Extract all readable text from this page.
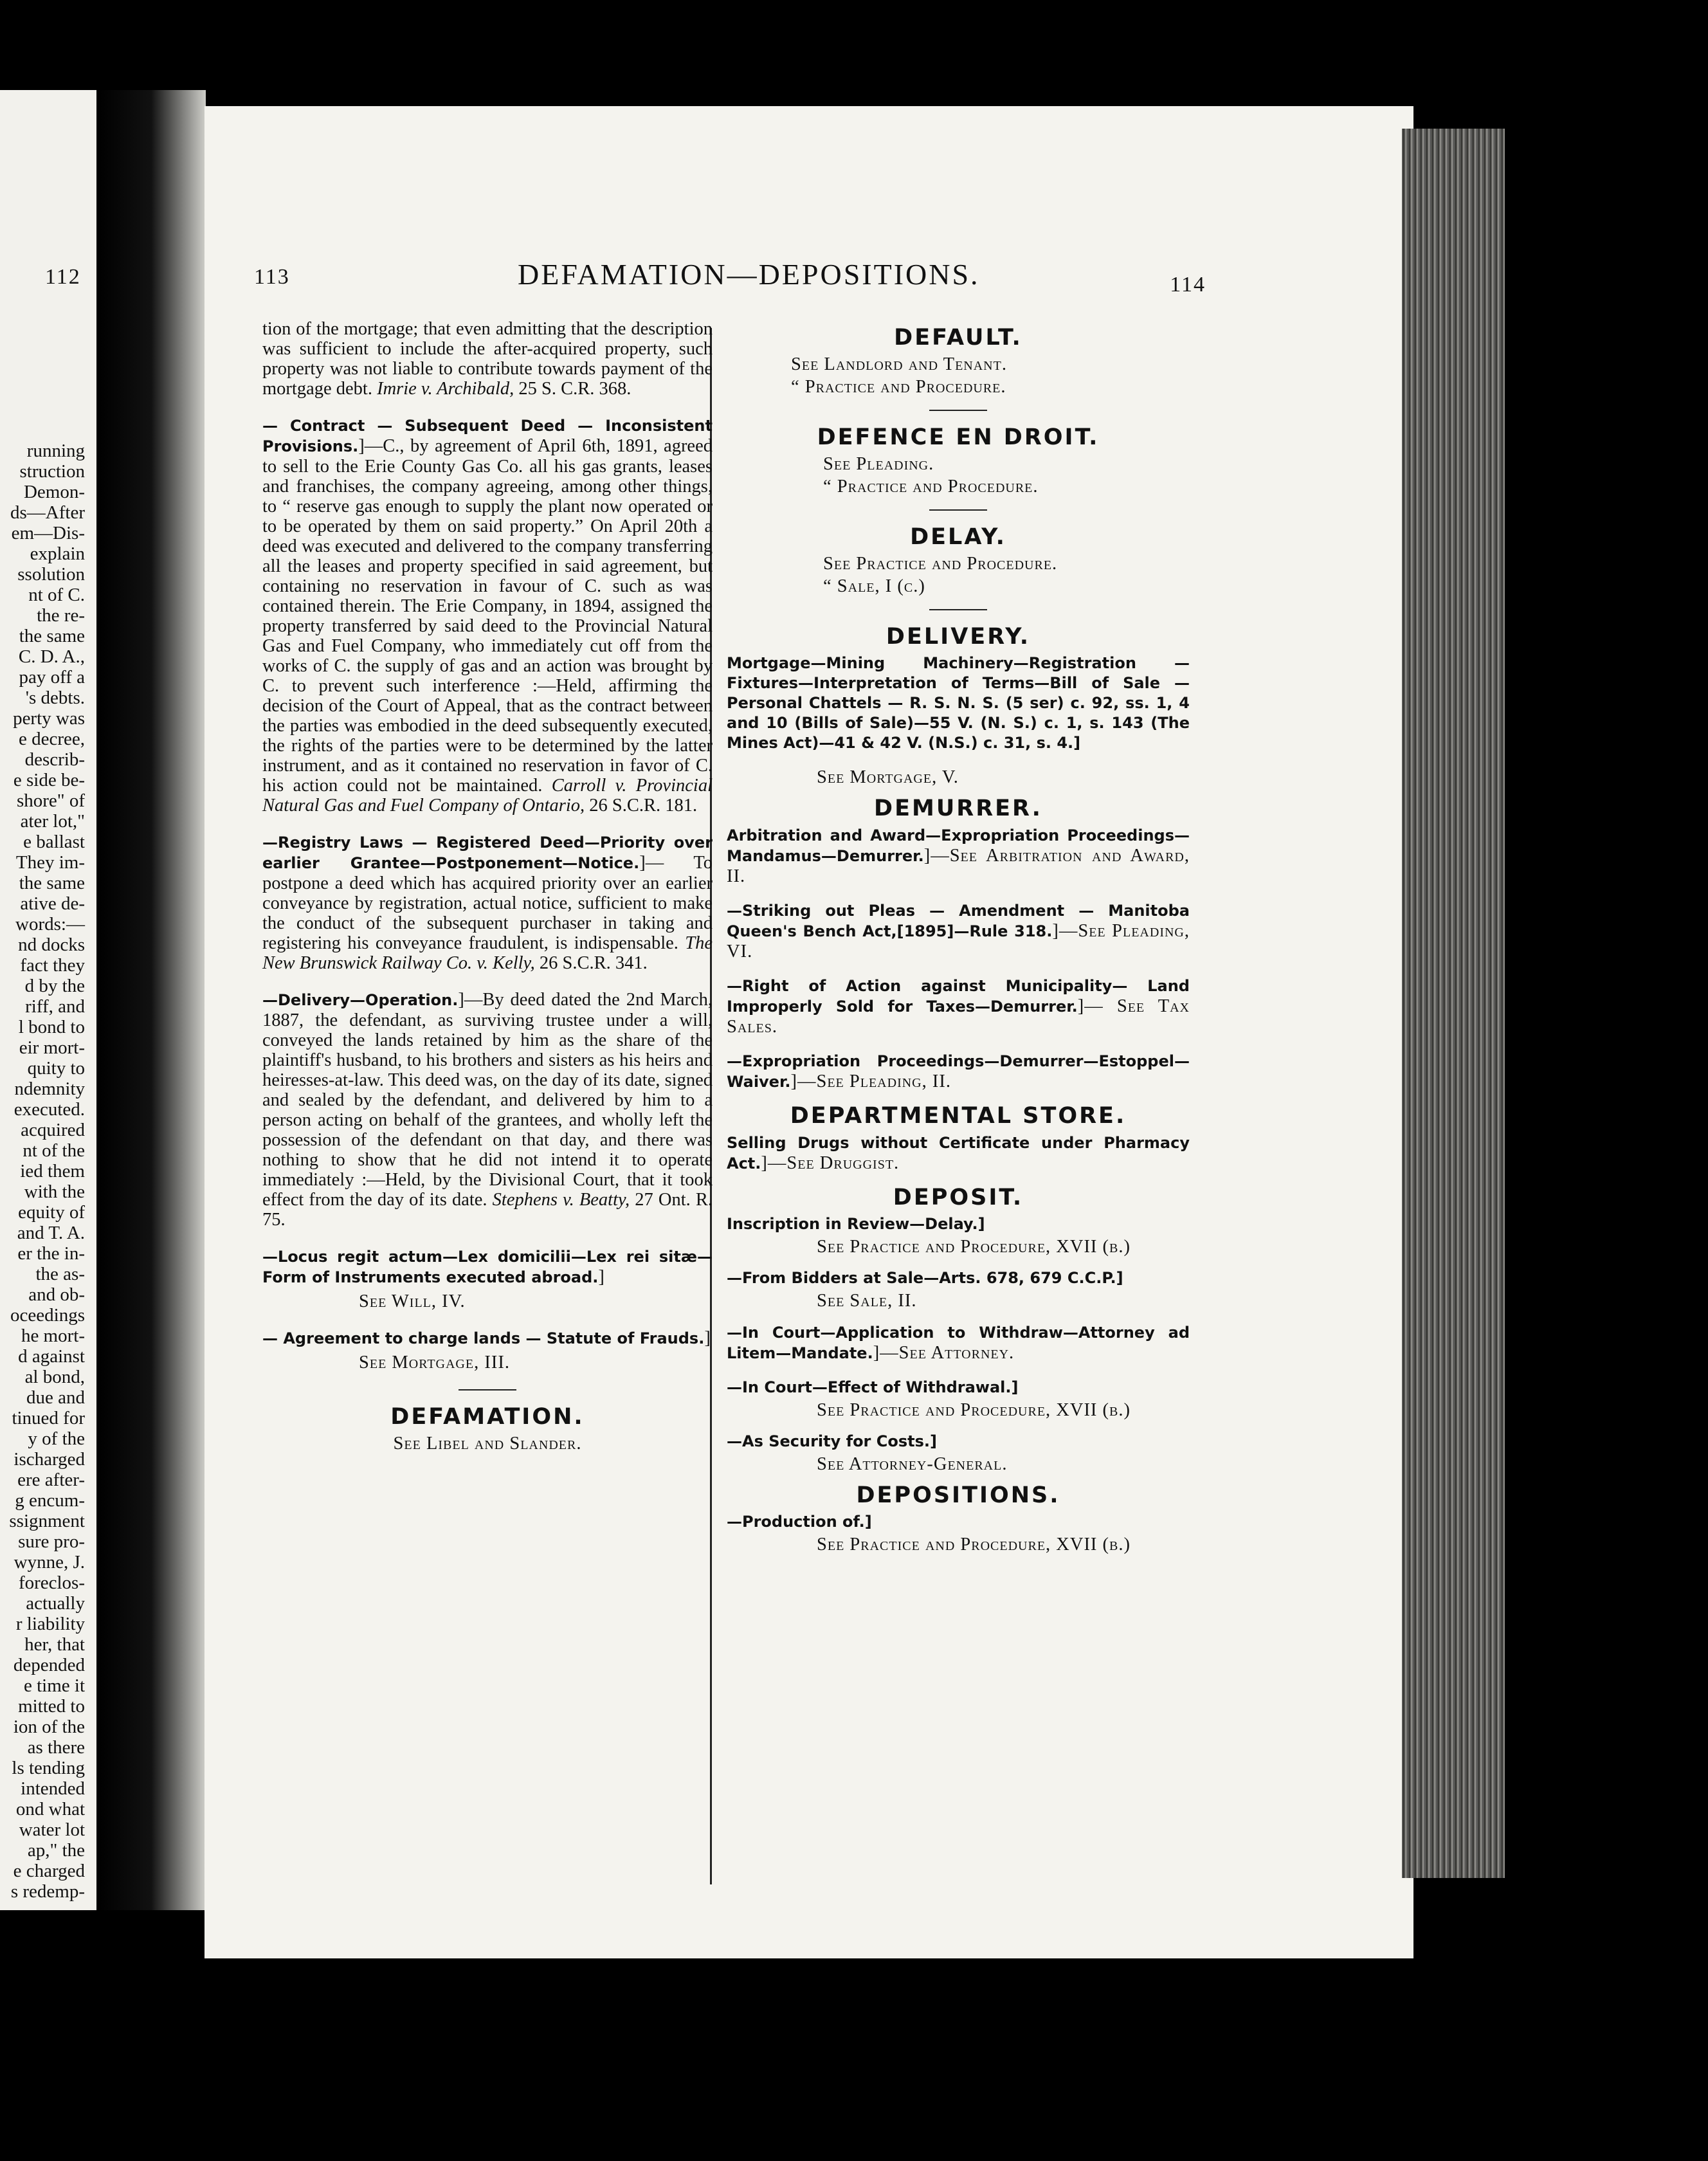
112
running
struction
Demon-
ds—After
em—Dis-
explain
ssolution
nt of C.
the re-
the same
C. D. A.,
pay off a
's debts.
perty was
e decree,
describ-
e side be-
shore" of
ater lot,"
e ballast
They im-
the same
ative de-
words:—
nd docks
fact they
d by the
riff, and
l bond to
eir mort-
quity to
ndemnity
executed.
acquired
nt of the
ied them
with the
equity of
and T. A.
er the in-
the as-
and ob-
oceedings
he mort-
d against
al bond,
due and
tinued for
y of the
ischarged
ere after-
g encum-
ssignment
sure pro-
wynne, J.
foreclos-
actually
r liability
her, that
depended
e time it
mitted to
ion of the
as there
ls tending
intended
ond what
water lot
ap," the
e charged
s redemp-
113	DEFAMATION—DEPOSITIONS.	114

tion of the mortgage; that even admitting that the description was sufficient to include the after-acquired property, such property was not liable to contribute towards payment of the mortgage debt. Imrie v. Archibald, 25 S. C.R. 368.

— Contract — Subsequent Deed — Inconsistent Provisions.]—C., by agreement of April 6th, 1891, agreed to sell to the Erie County Gas Co. all his gas grants, leases and franchises, the company agreeing, among other things, to “ reserve gas enough to supply the plant now operated or to be operated by them on said property.” On April 20th a deed was executed and delivered to the company transferring all the leases and property specified in said agreement, but containing no reservation in favour of C. such as was contained therein. The Erie Company, in 1894, assigned the property transferred by said deed to the Provincial Natural Gas and Fuel Company, who immediately cut off from the works of C. the supply of gas and an action was brought by C. to prevent such interference :—Held, affirming the decision of the Court of Appeal, that as the contract between the parties was embodied in the deed subsequently executed, the rights of the parties were to be determined by the latter instrument, and as it contained no reservation in favor of C. his action could not be maintained. Carroll v. Provincial Natural Gas and Fuel Company of Ontario, 26 S.C.R. 181.

—Registry Laws — Registered Deed—Priority over earlier Grantee—Postponement—Notice.]— To postpone a deed which has acquired priority over an earlier conveyance by registration, actual notice, sufficient to make the conduct of the subsequent purchaser in taking and registering his conveyance fraudulent, is indispensable. The New Brunswick Railway Co. v. Kelly, 26 S.C.R. 341.

—Delivery—Operation.]—By deed dated the 2nd March, 1887, the defendant, as surviving trustee under a will, conveyed the lands retained by him as the share of the plaintiff's husband, to his brothers and sisters as his heirs and heiresses-at-law. This deed was, on the day of its date, signed and sealed by the defendant, and delivered by him to a person acting on behalf of the grantees, and wholly left the possession of the defendant on that day, and there was nothing to show that he did not intend it to operate immediately :—Held, by the Divisional Court, that it took effect from the day of its date. Stephens v. Beatty, 27 Ont. R. 75.

—Locus regit actum—Lex domicilii—Lex rei sitæ—Form of Instruments executed abroad.]

See Will, IV.

— Agreement to charge lands — Statute of Frauds.]

See Mortgage, III.

DEFAMATION.

See Libel and Slander.

DEFAULT.

See Landlord and Tenant.

“ Practice and Procedure.

DEFENCE EN DROIT.

See Pleading.

“ Practice and Procedure.

DELAY.

See Practice and Procedure.

“ Sale, I (c.)

DELIVERY.

Mortgage—Mining Machinery—Registration —Fixtures—Interpretation of Terms—Bill of Sale — Personal Chattels — R. S. N. S. (5 ser) c. 92, ss. 1, 4 and 10 (Bills of Sale)—55 V. (N. S.) c. 1, s. 143 (The Mines Act)—41 & 42 V. (N.S.) c. 31, s. 4.]

See Mortgage, V.

DEMURRER.

Arbitration and Award—Expropriation Proceedings—Mandamus—Demurrer.]—See Arbitration and Award, II.

—Striking out Pleas — Amendment — Manitoba Queen's Bench Act,[1895]—Rule 318.]—See Pleading, VI.

—Right of Action against Municipality— Land Improperly Sold for Taxes—Demurrer.]— See Tax Sales.

—Expropriation Proceedings—Demurrer—Estoppel—Waiver.]—See Pleading, II.

DEPARTMENTAL STORE.

Selling Drugs without Certificate under Pharmacy Act.]—See Druggist.

DEPOSIT.

Inscription in Review—Delay.]

See Practice and Procedure, XVII (b.)

—From Bidders at Sale—Arts. 678, 679 C.C.P.]

See Sale, II.

—In Court—Application to Withdraw—Attorney ad Litem—Mandate.]—See Attorney.

—In Court—Effect of Withdrawal.]

See Practice and Procedure, XVII (b.)

—As Security for Costs.]

See Attorney-General.

DEPOSITIONS.

—Production of.]

See Practice and Procedure, XVII (b.)
